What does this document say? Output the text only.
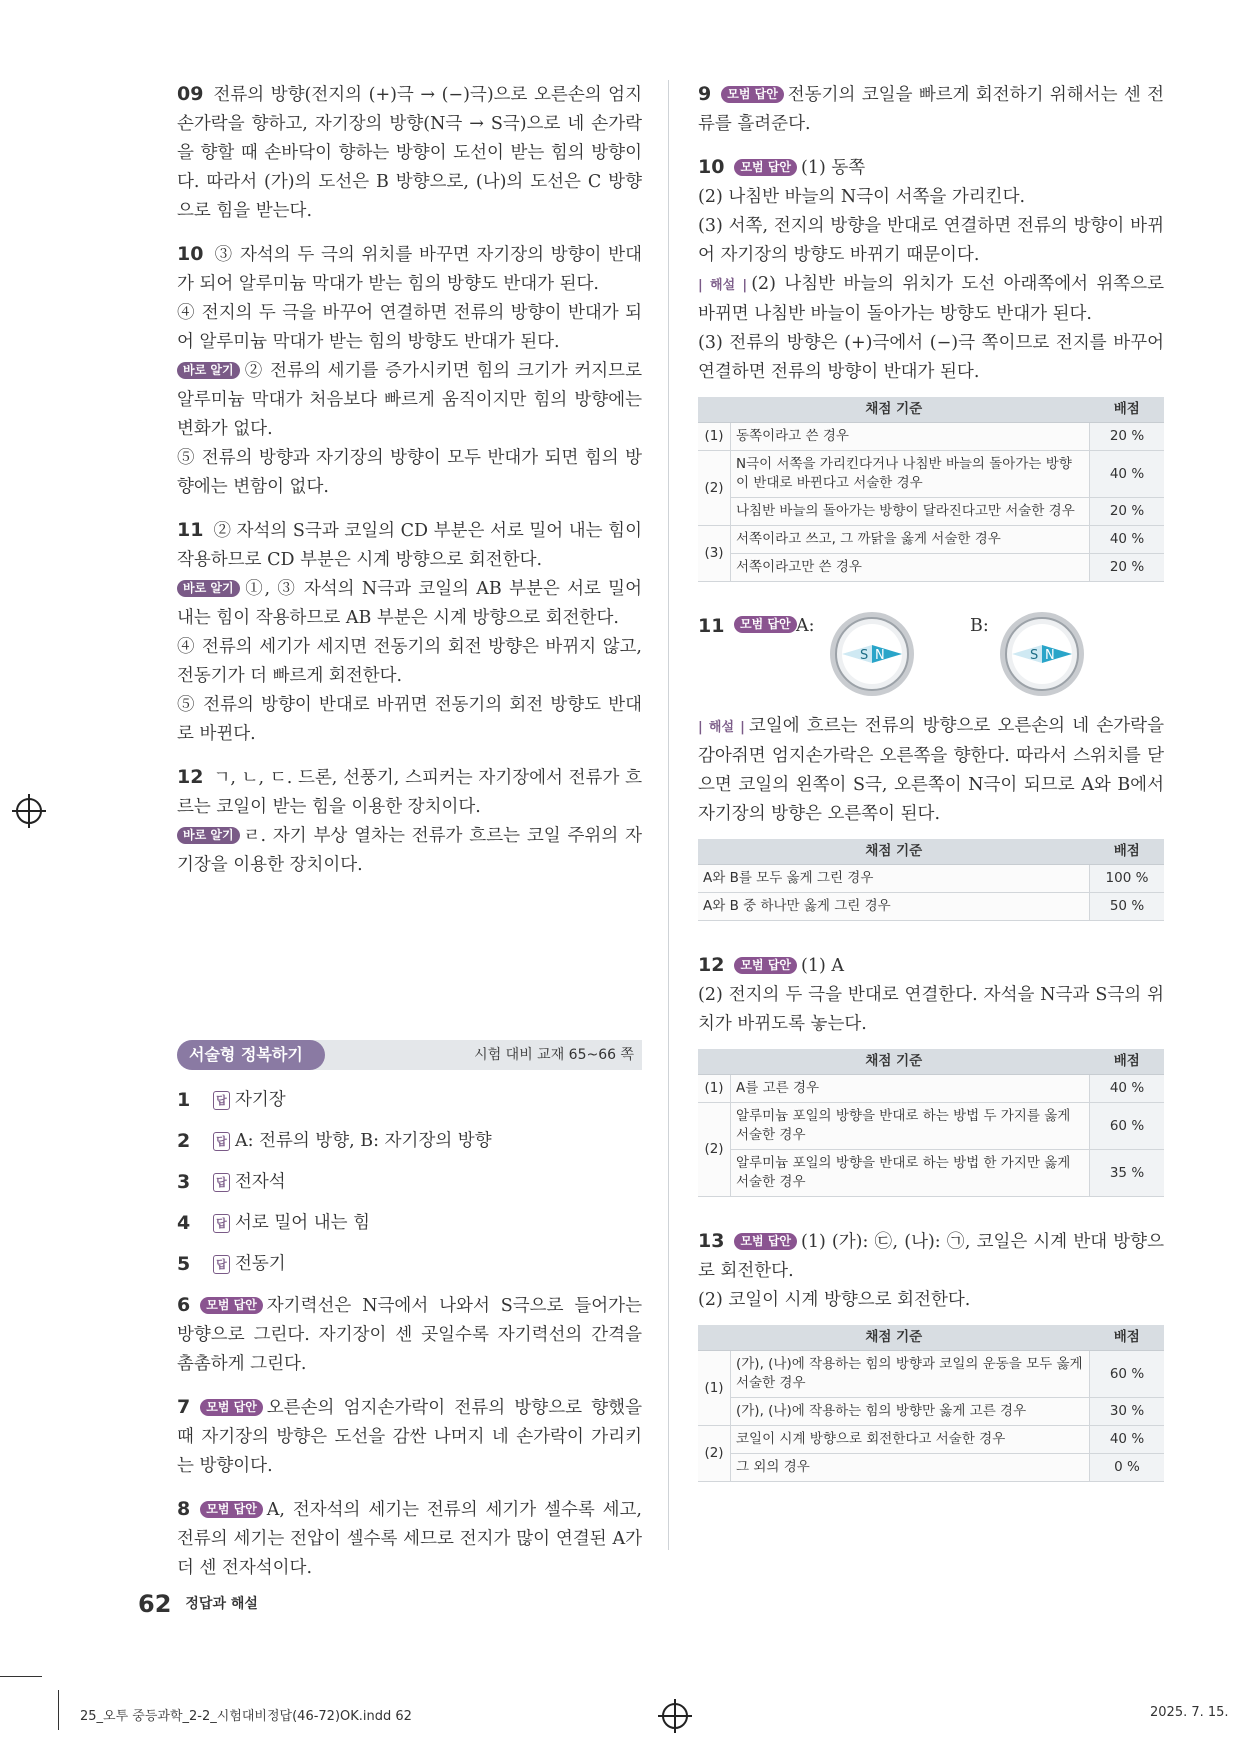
09 전류의 방향(전지의 (+)극 → (−)극)으로 오른손의 엄지손가락을 향하고, 자기장의 방향(N극 → S극)으로 네 손가락을 향할 때 손바닥이 향하는 방향이 도선이 받는 힘의 방향이다. 따라서 (가)의 도선은 B 방향으로, (나)의 도선은 C 방향으로 힘을 받는다.

10 ③ 자석의 두 극의 위치를 바꾸면 자기장의 방향이 반대가 되어 알루미늄 막대가 받는 힘의 방향도 반대가 된다.

④ 전지의 두 극을 바꾸어 연결하면 전류의 방향이 반대가 되어 알루미늄 막대가 받는 힘의 방향도 반대가 된다.

바로 알기 ② 전류의 세기를 증가시키면 힘의 크기가 커지므로 알루미늄 막대가 처음보다 빠르게 움직이지만 힘의 방향에는 변화가 없다.

⑤ 전류의 방향과 자기장의 방향이 모두 반대가 되면 힘의 방향에는 변함이 없다.

11 ② 자석의 S극과 코일의 CD 부분은 서로 밀어 내는 힘이 작용하므로 CD 부분은 시계 방향으로 회전한다.

바로 알기 ①, ③ 자석의 N극과 코일의 AB 부분은 서로 밀어 내는 힘이 작용하므로 AB 부분은 시계 방향으로 회전한다.

④ 전류의 세기가 세지면 전동기의 회전 방향은 바뀌지 않고, 전동기가 더 빠르게 회전한다.

⑤ 전류의 방향이 반대로 바뀌면 전동기의 회전 방향도 반대로 바뀐다.

12 ㄱ, ㄴ, ㄷ. 드론, 선풍기, 스피커는 자기장에서 전류가 흐르는 코일이 받는 힘을 이용한 장치이다.

바로 알기 ㄹ. 자기 부상 열차는 전류가 흐르는 코일 주위의 자기장을 이용한 장치이다.

서술형 정복하기	시험 대비 교재 65~66 쪽
1	답 자기장
2	답 A: 전류의 방향, B: 자기장의 방향
3	답 전자석
4	답 서로 밀어 내는 힘
5	답 전동기

6 모범 답안 자기력선은 N극에서 나와서 S극으로 들어가는 방향으로 그린다. 자기장이 센 곳일수록 자기력선의 간격을 촘촘하게 그린다.

7 모범 답안 오른손의 엄지손가락이 전류의 방향으로 향했을 때 자기장의 방향은 도선을 감싼 나머지 네 손가락이 가리키는 방향이다.

8 모범 답안 A, 전자석의 세기는 전류의 세기가 셀수록 세고, 전류의 세기는 전압이 셀수록 세므로 전지가 많이 연결된 A가 더 센 전자석이다.

9 모범 답안 전동기의 코일을 빠르게 회전하기 위해서는 센 전류를 흘려준다.

10 모범 답안 (1) 동쪽

(2) 나침반 바늘의 N극이 서쪽을 가리킨다.

(3) 서쪽, 전지의 방향을 반대로 연결하면 전류의 방향이 바뀌어 자기장의 방향도 바뀌기 때문이다.

| 해설 | (2) 나침반 바늘의 위치가 도선 아래쪽에서 위쪽으로 바뀌면 나침반 바늘이 돌아가는 방향도 반대가 된다.

(3) 전류의 방향은 (+)극에서 (−)극 쪽이므로 전지를 바꾸어 연결하면 전류의 방향이 반대가 된다.

채점 기준		배점
(1)	동쪽이라고 쓴 경우	20 %
(2)	N극이 서쪽을 가리킨다거나 나침반 바늘의 돌아가는 방향이 반대로 바뀐다고 서술한 경우	40 %
	나침반 바늘의 돌아가는 방향이 달라진다고만 서술한 경우	20 %
(3)	서쪽이라고 쓰고, 그 까닭을 옳게 서술한 경우	40 %
	서쪽이라고만 쓴 경우	20 %
11	모범 답안 A:
S N
B:
S N

| 해설 | 코일에 흐르는 전류의 방향으로 오른손의 네 손가락을 감아쥐면 엄지손가락은 오른쪽을 향한다. 따라서 스위치를 닫으면 코일의 왼쪽이 S극, 오른쪽이 N극이 되므로 A와 B에서 자기장의 방향은 오른쪽이 된다.

채점 기준	배점
A와 B를 모두 옳게 그린 경우	100 %
A와 B 중 하나만 옳게 그린 경우	50 %

12 모범 답안 (1) A

(2) 전지의 두 극을 반대로 연결한다. 자석을 N극과 S극의 위치가 바뀌도록 놓는다.

채점 기준		배점
(1)	A를 고른 경우	40 %
(2)	알루미늄 포일의 방향을 반대로 하는 방법 두 가지를 옳게 서술한 경우	60 %
	알루미늄 포일의 방향을 반대로 하는 방법 한 가지만 옳게 서술한 경우	35 %

13 모범 답안 (1) (가): ㉢, (나): ㉠, 코일은 시계 반대 방향으로 회전한다.

(2) 코일이 시계 방향으로 회전한다.

채점 기준		배점
(1)	(가), (나)에 작용하는 힘의 방향과 코일의 운동을 모두 옳게 서술한 경우	60 %
	(가), (나)에 작용하는 힘의 방향만 옳게 고른 경우	30 %
(2)	코일이 시계 방향으로 회전한다고 서술한 경우	40 %
	그 외의 경우	0 %
62 정답과 해설
25_오투 중등과학_2-2_시험대비정답(46-72)OK.indd 62	2025. 7. 15.
